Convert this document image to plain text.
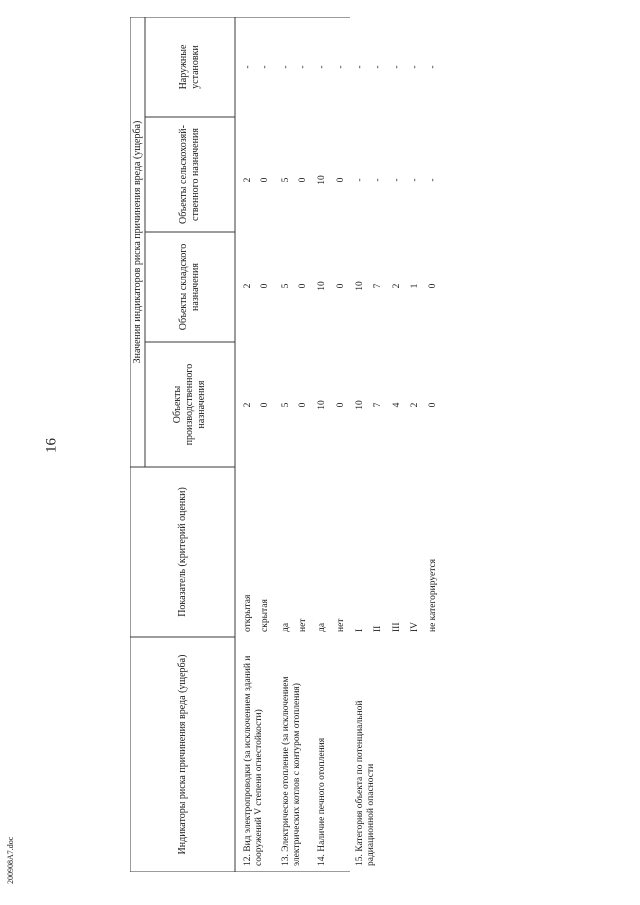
16
200908A7.doc
Индикаторы риска причинения вреда (ущерба)
Показатель (критерий оценки)
Значения индикаторов риска причинения вреда (ущерба)
Объекты производственного назначения
Объекты складского назначения
Объекты сельскохозяй-ственного назначения
Наружные установки
12. Вид электропроводки (за исключением зданий и сооружений V степени огнестойкости)
открытая
2
2
2
-
скрытая
0
0
0
-
13. Электрическое отопление (за исключением электрических котлов с контуром отопления)
да
5
5
5
-
нет
0
0
0
-
14. Наличие печного отопления
да
10
10
10
-
нет
0
0
0
-
15. Категория объекта по потенциальной радиационной опасности
I
10
10
-
-
II
7
7
-
-
III
4
2
-
-
IV
2
1
-
-
не категорируется
0
0
-
-
